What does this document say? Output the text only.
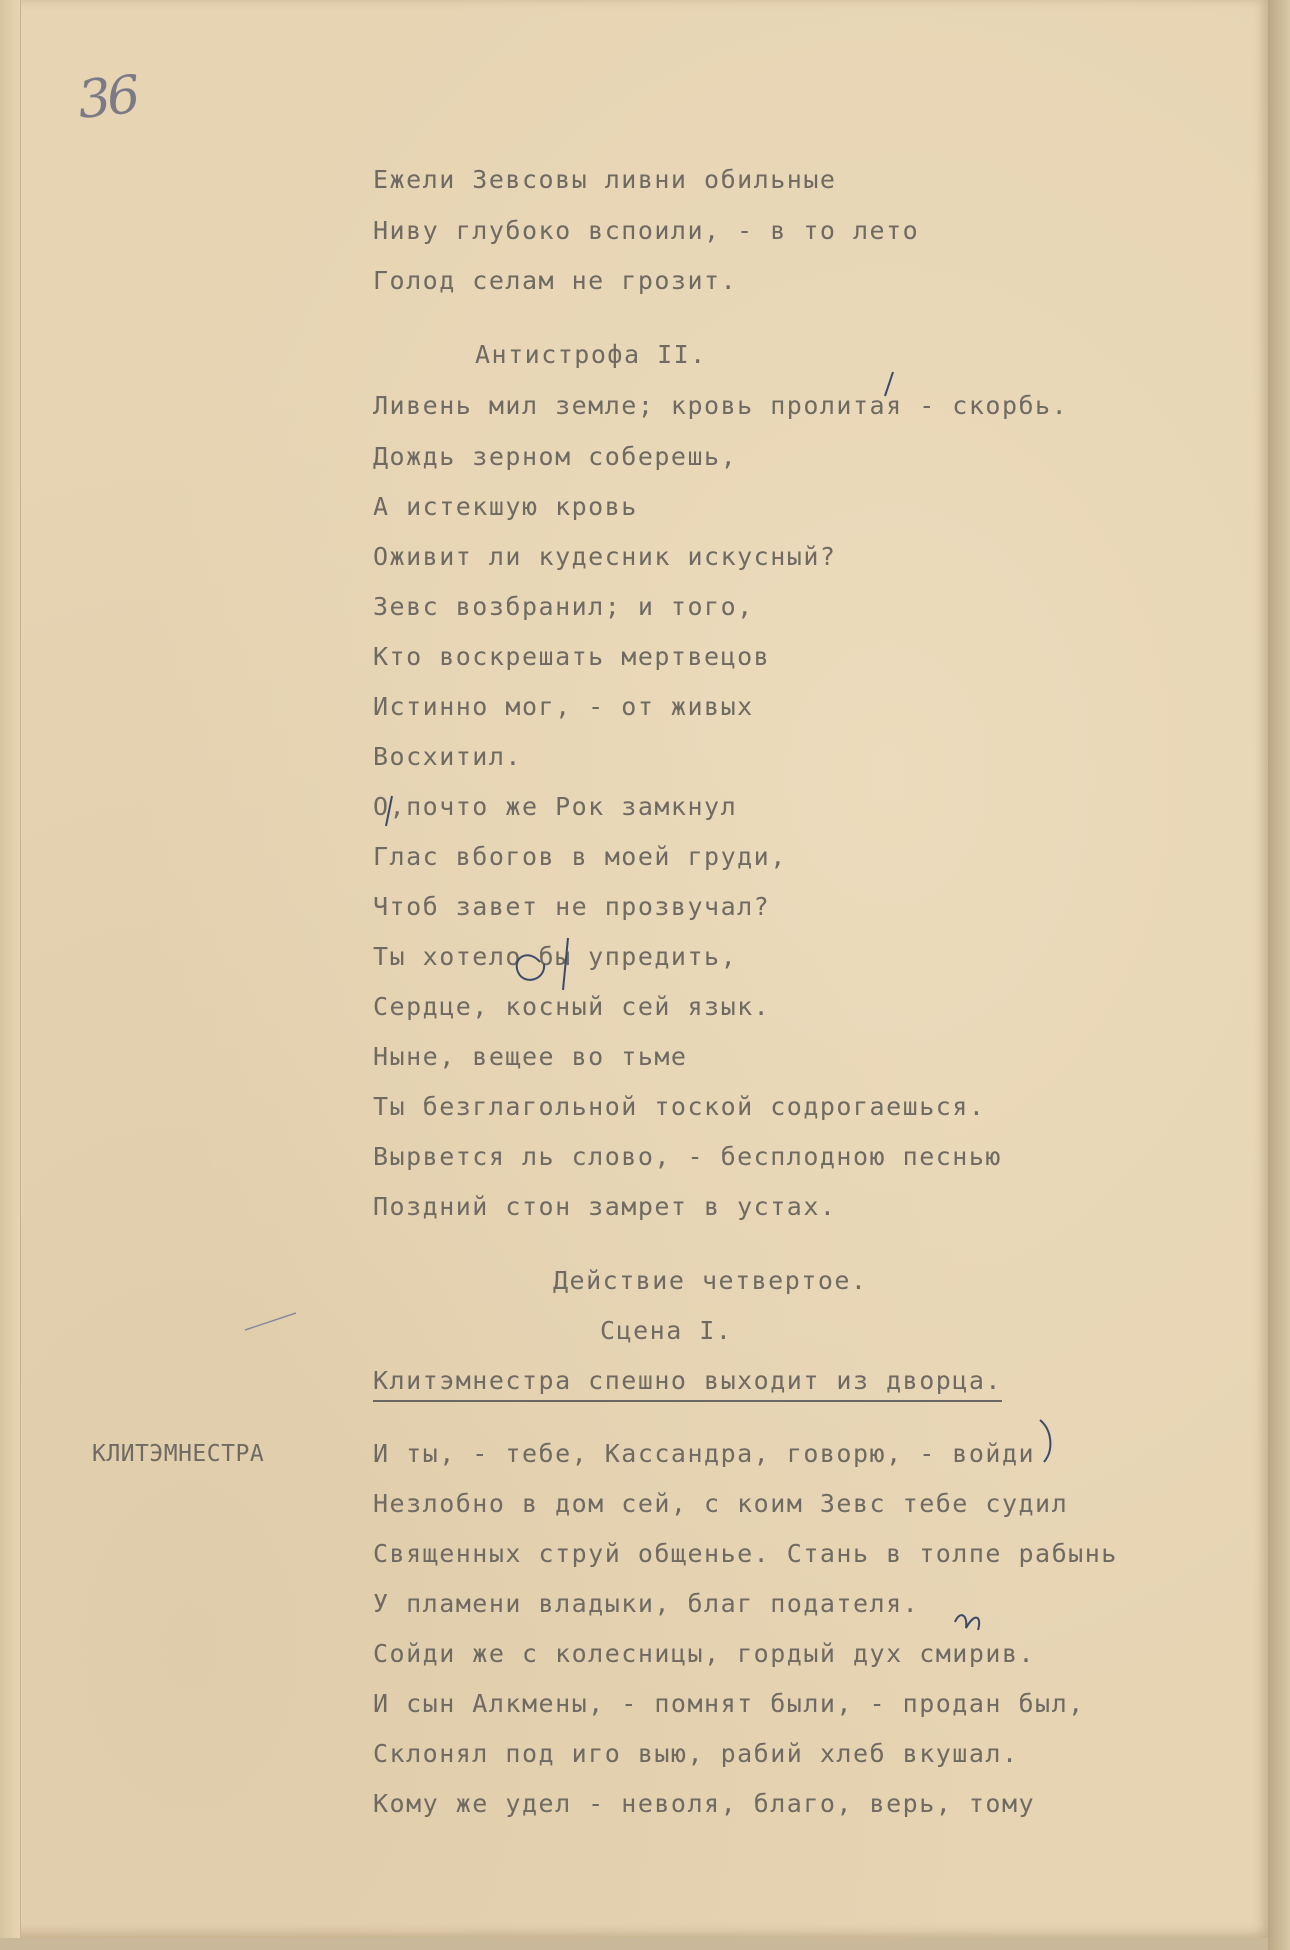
36
Ежели Зевсовы ливни обильные
Ниву глубоко вспоили, - в то лето
Голод селам не грозит.
Антистрофа II.
Ливень мил земле; кровь пролитая - скорбь.
Дождь зерном соберешь,
А истекшую кровь
Оживит ли кудесник искусный?
Зевс возбранил; и того,
Кто воскрешать мертвецов
Истинно мог, - от живых
Восхитил.
О,почто же Рок замкнул
Глас вбогов в моей груди,
Чтоб завет не прозвучал?
Ты хотело бы упредить,
Сердце, косный сей язык.
Ныне, вещее во тьме
Ты безглагольной тоской содрогаешься.
Вырвется ль слово, - бесплодною песнью
Поздний стон замрет в устах.
Действие четвертое.
Сцена I.
Клитэмнестра спешно выходит из дворца.
КЛИТЭМНЕСТРА	И ты, - тебе, Кассандра, говорю, - войди
Незлобно в дом сей, с коим Зевс тебе судил
Священных струй общенье. Стань в толпе рабынь
У пламени владыки, благ подателя.
Сойди же с колесницы, гордый дух смирив.
И сын Алкмены, - помнят были, - продан был,
Склонял под иго выю, рабий хлеб вкушал.
Кому же удел - неволя, благо, верь, тому
